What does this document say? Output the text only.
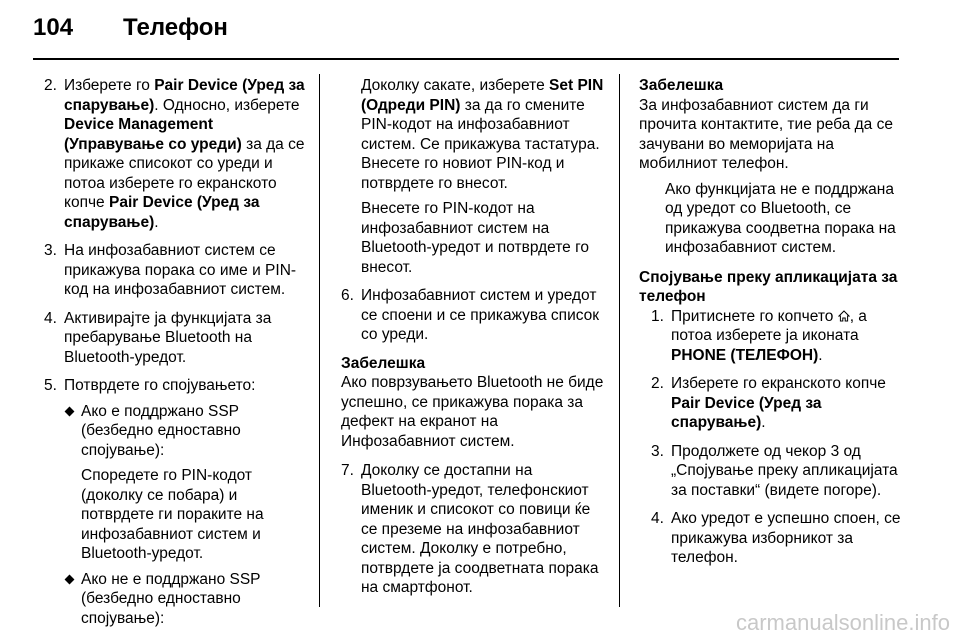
104 Телефон
2. Изберете го Pair Device (Уред за спарување). Односно, изберете Device Management (Управување со уреди) за да се прикаже списокот со уреди и потоа изберете го екранското копче Pair Device (Уред за спарување).
3. На инфозабавниот систем се прикажува порака со име и PIN-код на инфозабавниот систем.
4. Активирајте ја функцијата за пребарување Bluetooth на Bluetooth-уредот.
5. Потврдете го спојувањето:
Ако е поддржано SSP (безбедно едноставно спојување):
Споредете го PIN-кодот (доколку се побара) и потврдете ги пораките на инфозабавниот систем и Bluetooth-уредот.
Ако не е поддржано SSP (безбедно едноставно спојување):
Доколку сакате, изберете Set PIN (Одреди PIN) за да го смените PIN-кодот на инфозабавниот систем. Се прикажува тастатура. Внесете го новиот PIN-код и потврдете го внесот.
Внесете го PIN-кодот на инфозабавниот систем на Bluetooth-уредот и потврдете го внесот.
6. Инфозабавниот систем и уредот се споени и се прикажува список со уреди.
Забелешка
Ако поврзувањето Bluetooth не биде успешно, се прикажува порака за дефект на екранот на Инфозабавниот систем.
7. Доколку се достапни на Bluetooth-уредот, телефонскиот именик и списокот со повици ќе се преземе на инфозабавниот систем. Доколку е потребно, потврдете ја соодветната порака на смартфонот.
Забелешка
За инфозабавниот систем да ги прочита контактите, тие реба да се зачувани во меморијата на мобилниот телефон.
Ако функцијата не е поддржана од уредот со Bluetooth, се прикажува соодветна порака на инфозабавниот систем.
Спојување преку апликацијата за телефон
1. Притиснете го копчето , а потоа изберете ја иконата PHONE (ТЕЛЕФОН).
2. Изберете го екранското копче Pair Device (Уред за спарување).
3. Продолжете од чекор 3 од „Спојување преку апликацијата за поставки“ (видете погоре).
4. Ако уредот е успешно споен, се прикажува изборникот за телефон.
carmanualsonline.info
